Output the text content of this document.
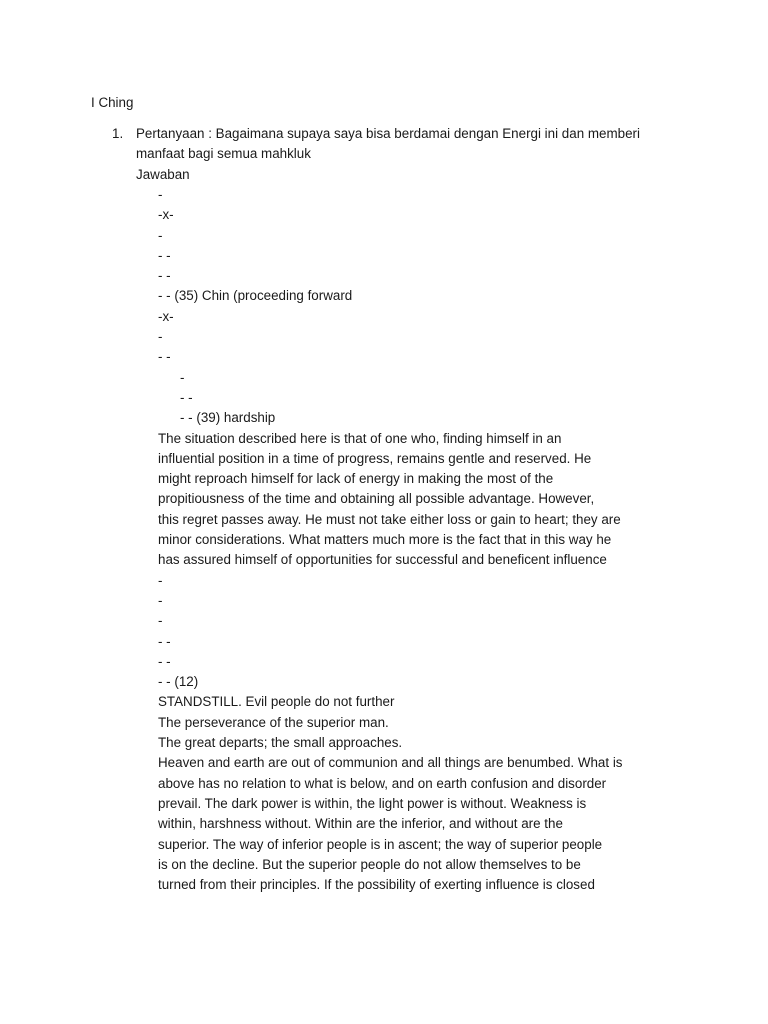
I Ching
1. Pertanyaan : Bagaimana supaya saya bisa berdamai dengan Energi ini dan memberi
manfaat bagi semua mahkluk
Jawaban
-
-x-
-
- -
- -
- - (35) Chin (proceeding forward
-x-
-
- -
-
- -
- - (39) hardship
The situation described here is that of one who, finding himself in an
influential position in a time of progress, remains gentle and reserved. He
might reproach himself for lack of energy in making the most of the
propitiousness of the time and obtaining all possible advantage. However,
this regret passes away. He must not take either loss or gain to heart; they are
minor considerations. What matters much more is the fact that in this way he
has assured himself of opportunities for successful and beneficent influence
-
-
-
- -
- -
- - (12)
STANDSTILL. Evil people do not further
The perseverance of the superior man.
The great departs; the small approaches.
Heaven and earth are out of communion and all things are benumbed. What is
above has no relation to what is below, and on earth confusion and disorder
prevail. The dark power is within, the light power is without. Weakness is
within, harshness without. Within are the inferior, and without are the
superior. The way of inferior people is in ascent; the way of superior people
is on the decline. But the superior people do not allow themselves to be
turned from their principles. If the possibility of exerting influence is closed
